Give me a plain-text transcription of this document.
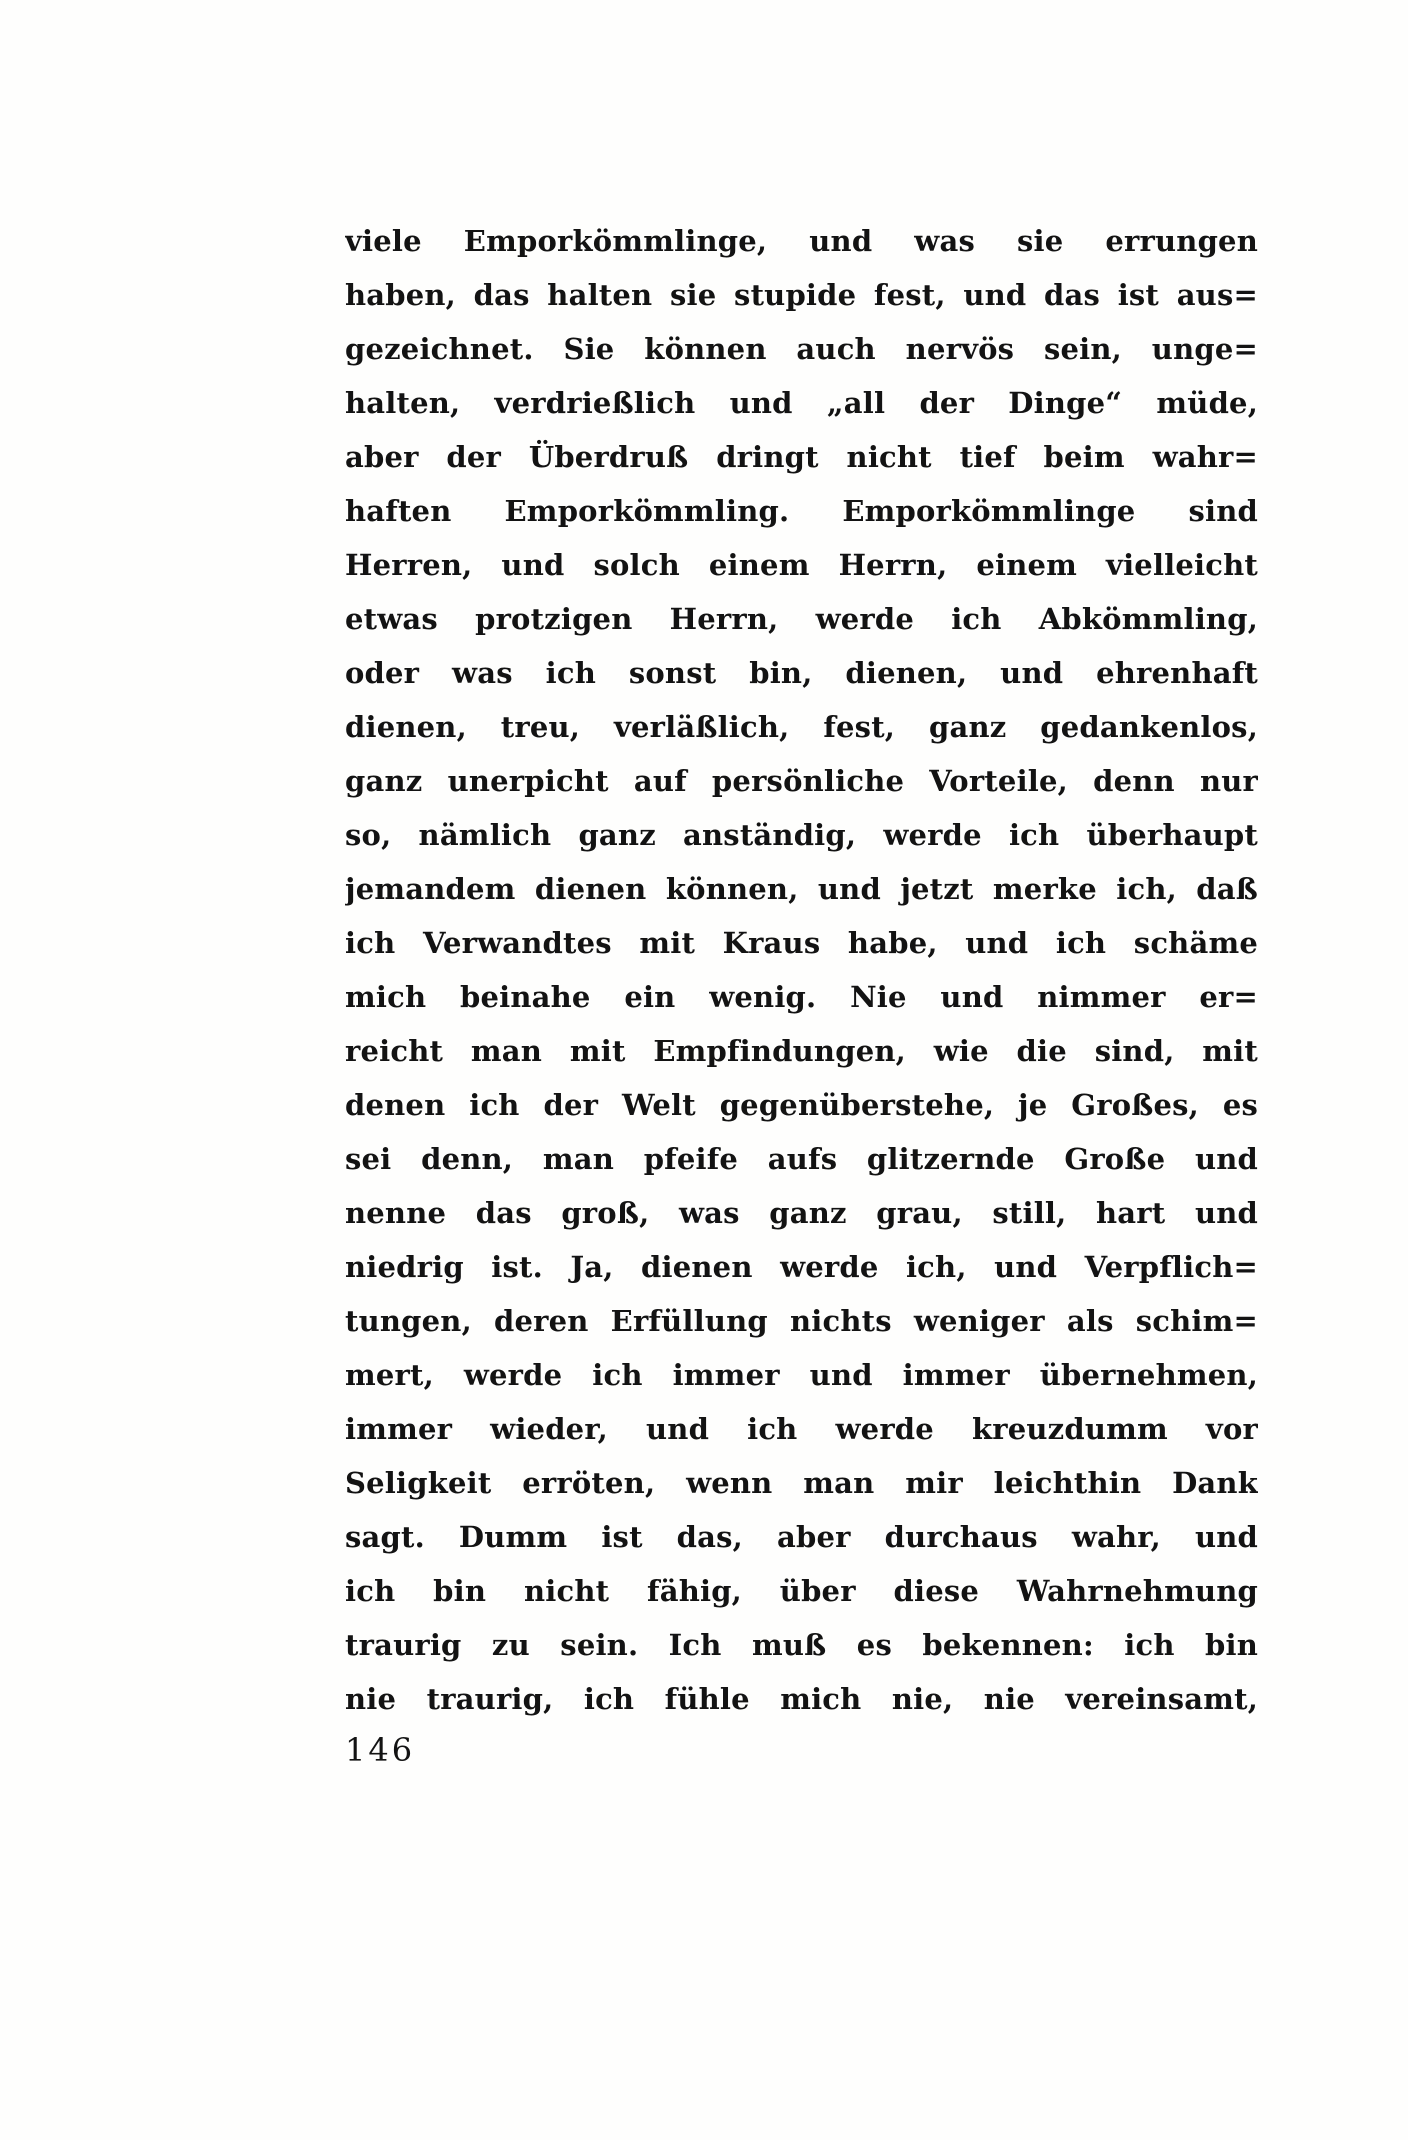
viele Emporkömmlinge, und was sie errungen
haben, das halten sie stupide fest, und das ist aus=
gezeichnet. Sie können auch nervös sein, unge=
halten, verdrießlich und „all der Dinge“ müde,
aber der Überdruß dringt nicht tief beim wahr=
haften Emporkömmling. Emporkömmlinge sind
Herren, und solch einem Herrn, einem vielleicht
etwas protzigen Herrn, werde ich Abkömmling,
oder was ich sonst bin, dienen, und ehrenhaft
dienen, treu, verläßlich, fest, ganz gedankenlos,
ganz unerpicht auf persönliche Vorteile, denn nur
so, nämlich ganz anständig, werde ich überhaupt
jemandem dienen können, und jetzt merke ich, daß
ich Verwandtes mit Kraus habe, und ich schäme
mich beinahe ein wenig. Nie und nimmer er=
reicht man mit Empfindungen, wie die sind, mit
denen ich der Welt gegenüberstehe, je Großes, es
sei denn, man pfeife aufs glitzernde Große und
nenne das groß, was ganz grau, still, hart und
niedrig ist. Ja, dienen werde ich, und Verpflich=
tungen, deren Erfüllung nichts weniger als schim=
mert, werde ich immer und immer übernehmen,
immer wieder, und ich werde kreuzdumm vor
Seligkeit erröten, wenn man mir leichthin Dank
sagt. Dumm ist das, aber durchaus wahr, und
ich bin nicht fähig, über diese Wahrnehmung
traurig zu sein. Ich muß es bekennen: ich bin
nie traurig, ich fühle mich nie, nie vereinsamt,
146
